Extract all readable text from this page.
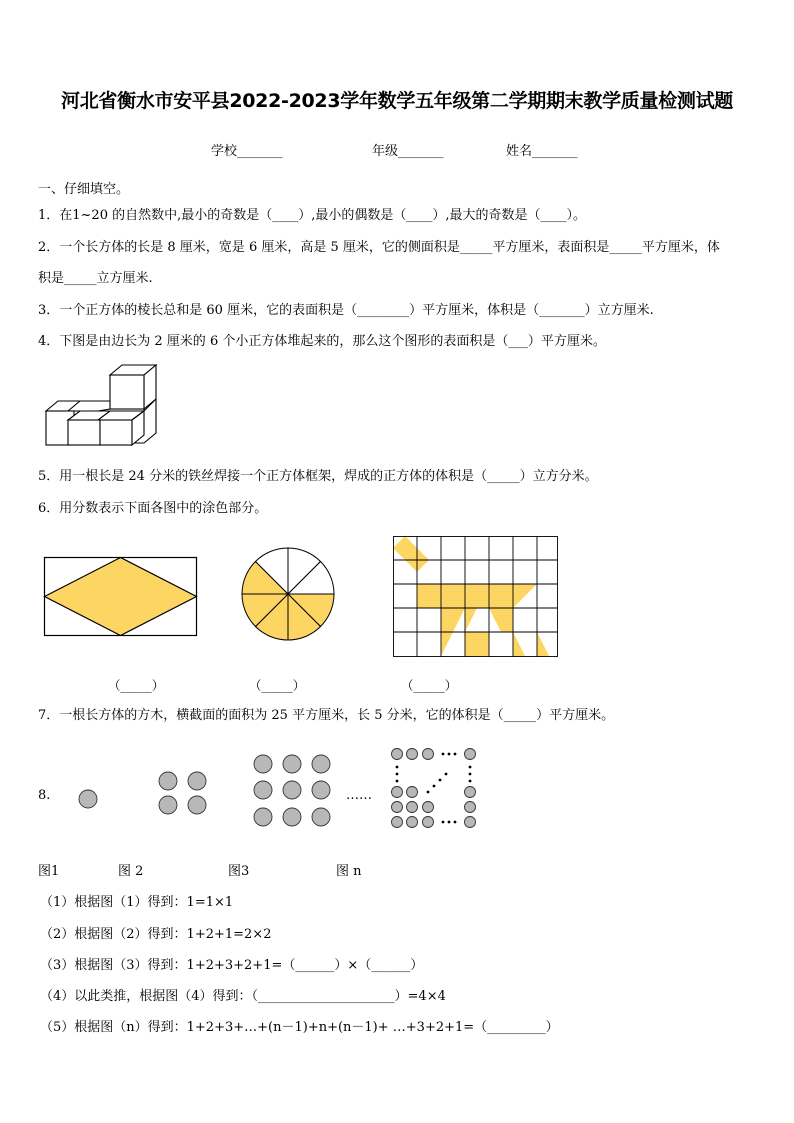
河北省衡水市安平县2022-2023学年数学五年级第二学期期末教学质量检测试题
学校_______	年级_______	姓名_______
一、仔细填空。
1．在1~20 的自然数中,最小的奇数是（____）,最小的偶数是（____）,最大的奇数是（____）。
2．一个长方体的长是 8 厘米，宽是 6 厘米，高是 5 厘米，它的侧面积是_____平方厘米，表面积是_____平方厘米，体
积是_____立方厘米.
3．一个正方体的棱长总和是 60 厘米，它的表面积是（________）平方厘米，体积是（_______）立方厘米.
4．下图是由边长为 2 厘米的 6 个小正方体堆起来的，那么这个图形的表面积是（___）平方厘米。
5．用一根长是 24 分米的铁丝焊接一个正方体框架，焊成的正方体的体积是（_____）立方分米。
6．用分数表示下面各图中的涂色部分。
（_____）	（_____）	（_____）
7．一根长方体的方木，横截面的面积为 25 平方厘米，长 5 分米，它的体积是（_____）平方厘米。
8.	……
图1	图 2	图3	图 n
（1）根据图（1）得到：1=1×1
（2）根据图（2）得到：1+2+1=2×2
（3）根据图（3）得到：1+2+3+2+1=（______）×（______）
（4）以此类推，根据图（4）得到：（_____________________）=4×4
（5）根据图（n）得到：1+2+3+…+(n－1)+n+(n－1)+ …+3+2+1=（_________）
